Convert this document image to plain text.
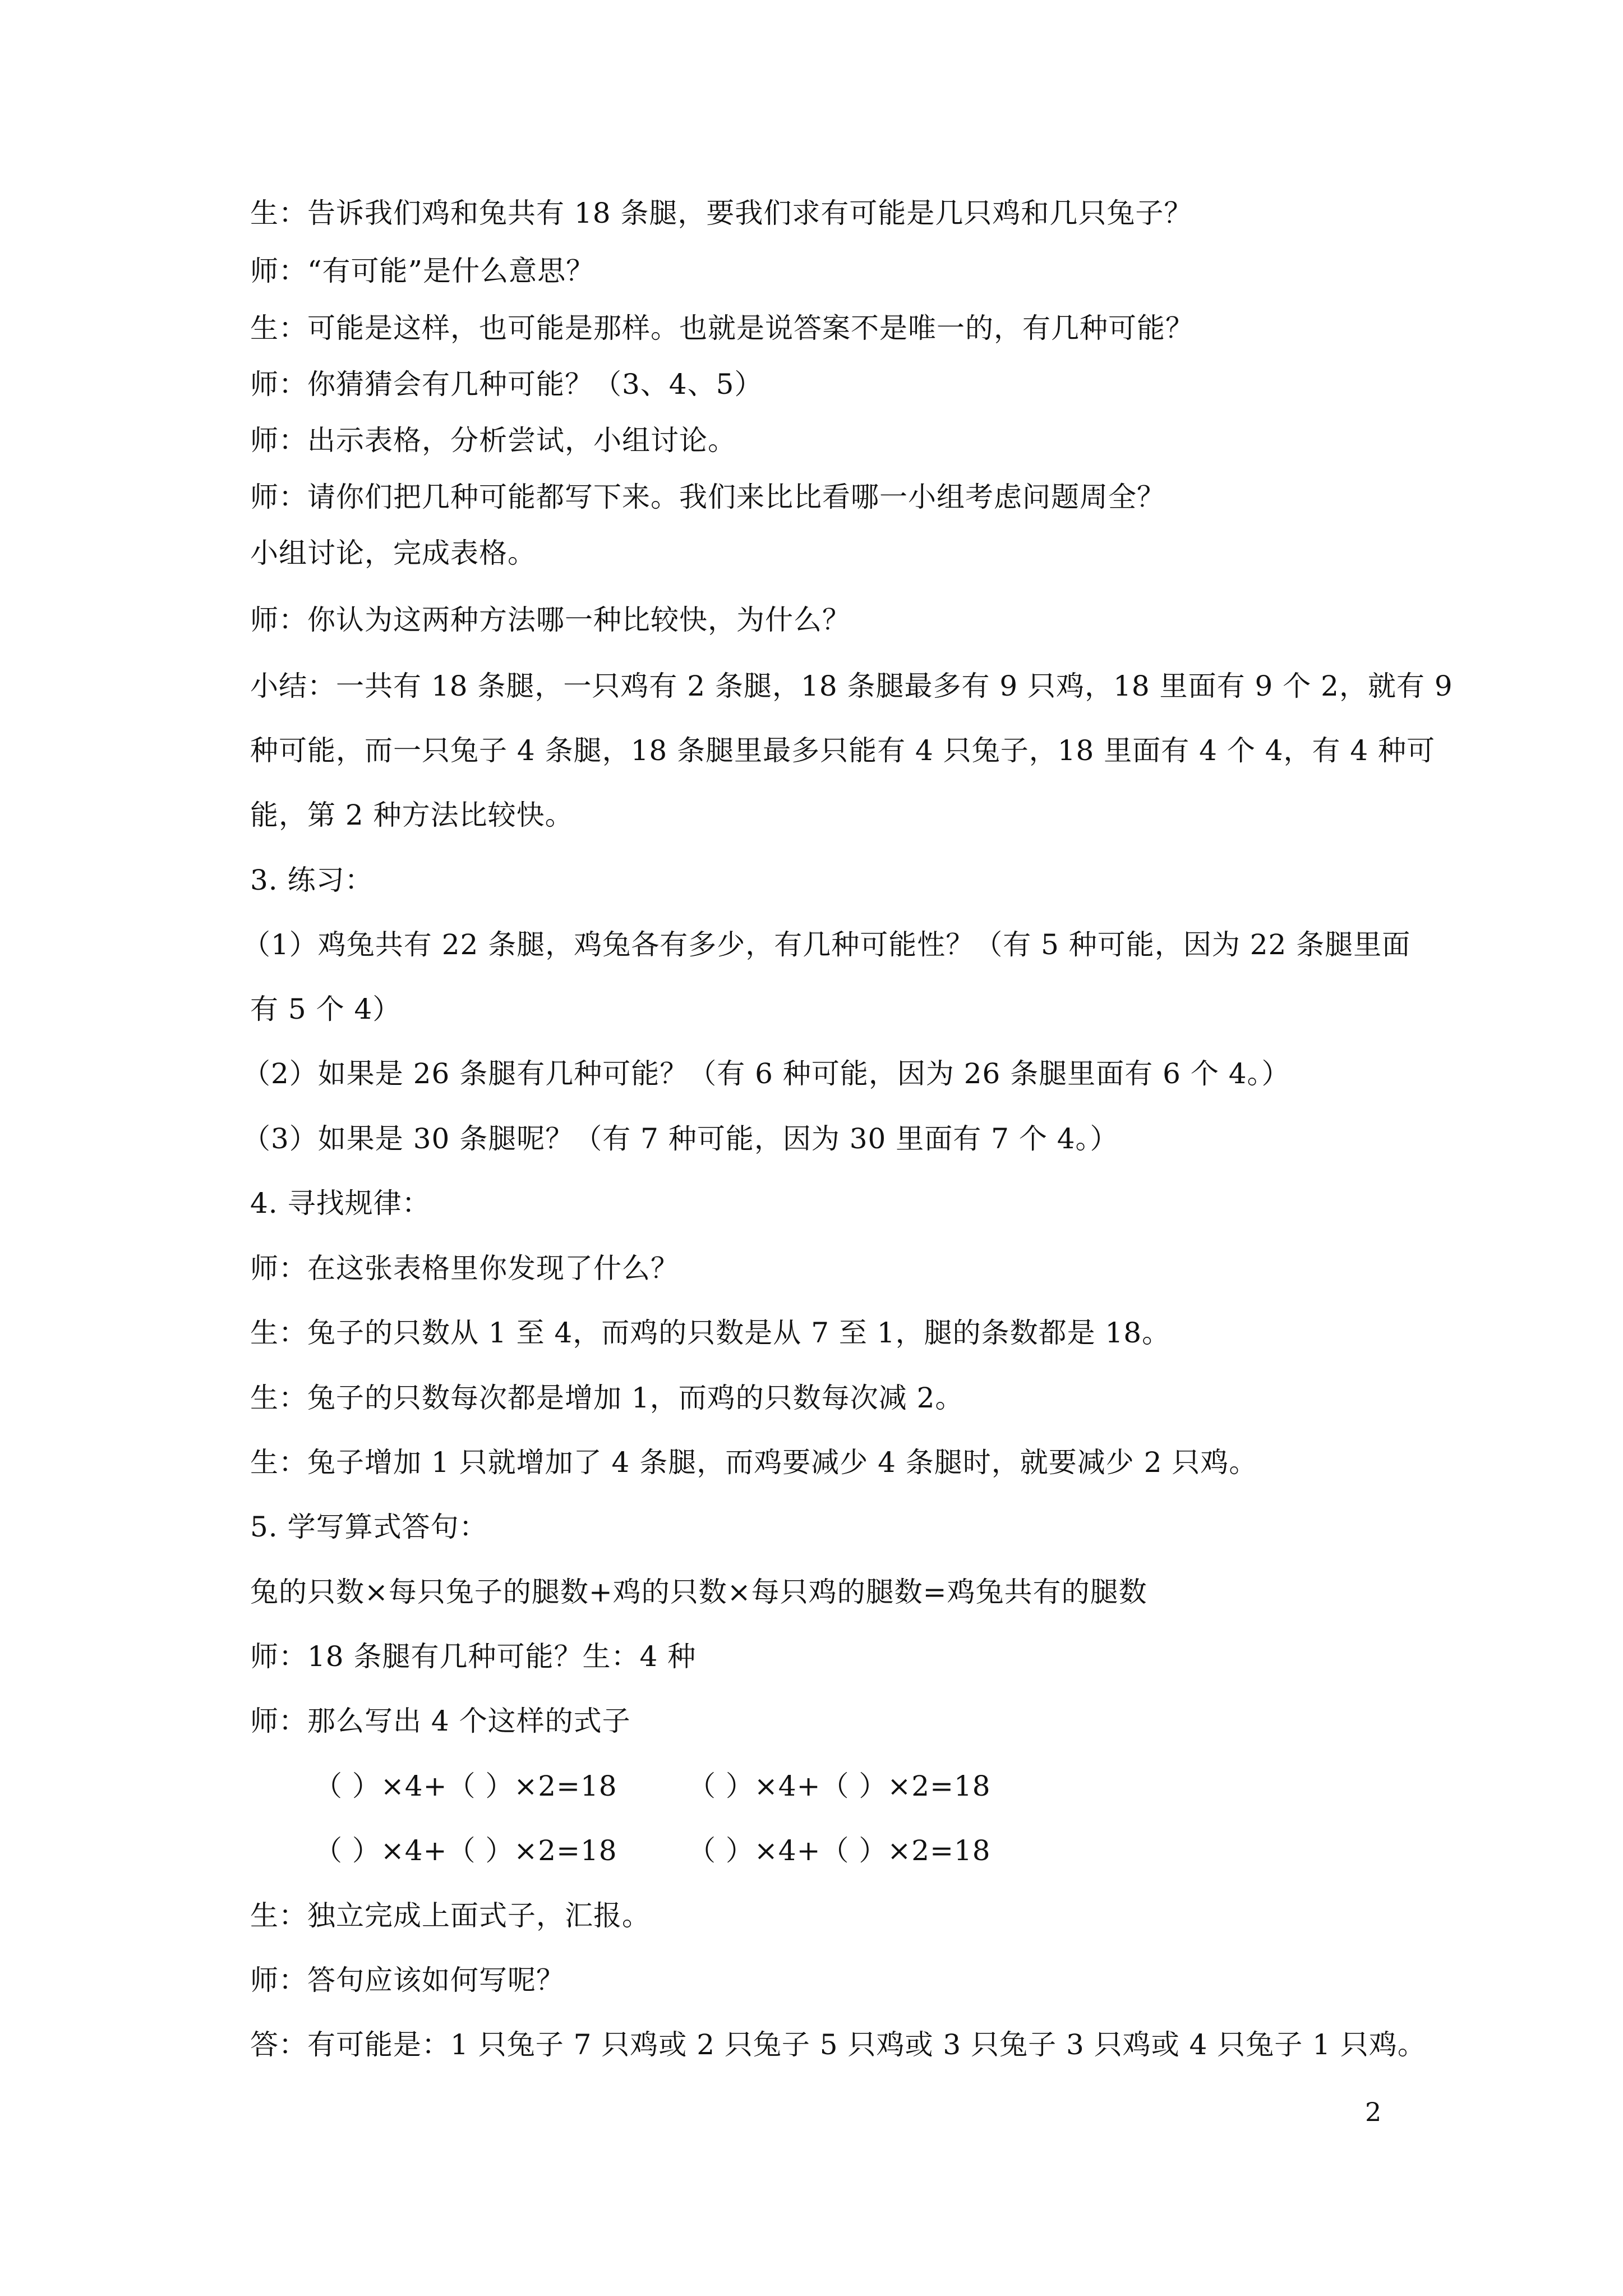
生：告诉我们鸡和兔共有 18 条腿，要我们求有可能是几只鸡和几只兔子？
师：“有可能”是什么意思？
生：可能是这样，也可能是那样。也就是说答案不是唯一的，有几种可能？
师：你猜猜会有几种可能？（3、4、5）
师：出示表格，分析尝试，小组讨论。
师：请你们把几种可能都写下来。我们来比比看哪一小组考虑问题周全？
小组讨论，完成表格。
师：你认为这两种方法哪一种比较快，为什么？
小结：一共有 18 条腿，一只鸡有 2 条腿，18 条腿最多有 9 只鸡，18 里面有 9 个 2，就有 9
种可能，而一只兔子 4 条腿，18 条腿里最多只能有 4 只兔子，18 里面有 4 个 4，有 4 种可
能，第 2 种方法比较快。
3. 练习：
（1）鸡兔共有 22 条腿，鸡兔各有多少，有几种可能性？（有 5 种可能，因为 22 条腿里面
有 5 个 4）
（2）如果是 26 条腿有几种可能？（有 6 种可能，因为 26 条腿里面有 6 个 4。）
（3）如果是 30 条腿呢？（有 7 种可能，因为 30 里面有 7 个 4。）
4. 寻找规律：
师：在这张表格里你发现了什么？
生：兔子的只数从 1 至 4，而鸡的只数是从 7 至 1，腿的条数都是 18。
生：兔子的只数每次都是增加 1，而鸡的只数每次减 2。
生：兔子增加 1 只就增加了 4 条腿，而鸡要减少 4 条腿时，就要减少 2 只鸡。
5. 学写算式答句：
兔的只数×每只兔子的腿数+鸡的只数×每只鸡的腿数=鸡兔共有的腿数
师：18 条腿有几种可能？生：4 种
师：那么写出 4 个这样的式子
（ ）×4+（ ）×2=18	（ ）×4+（ ）×2=18
（ ）×4+（ ）×2=18	（ ）×4+（ ）×2=18
生：独立完成上面式子，汇报。
师：答句应该如何写呢？
答：有可能是：1 只兔子 7 只鸡或 2 只兔子 5 只鸡或 3 只兔子 3 只鸡或 4 只兔子 1 只鸡。
2
